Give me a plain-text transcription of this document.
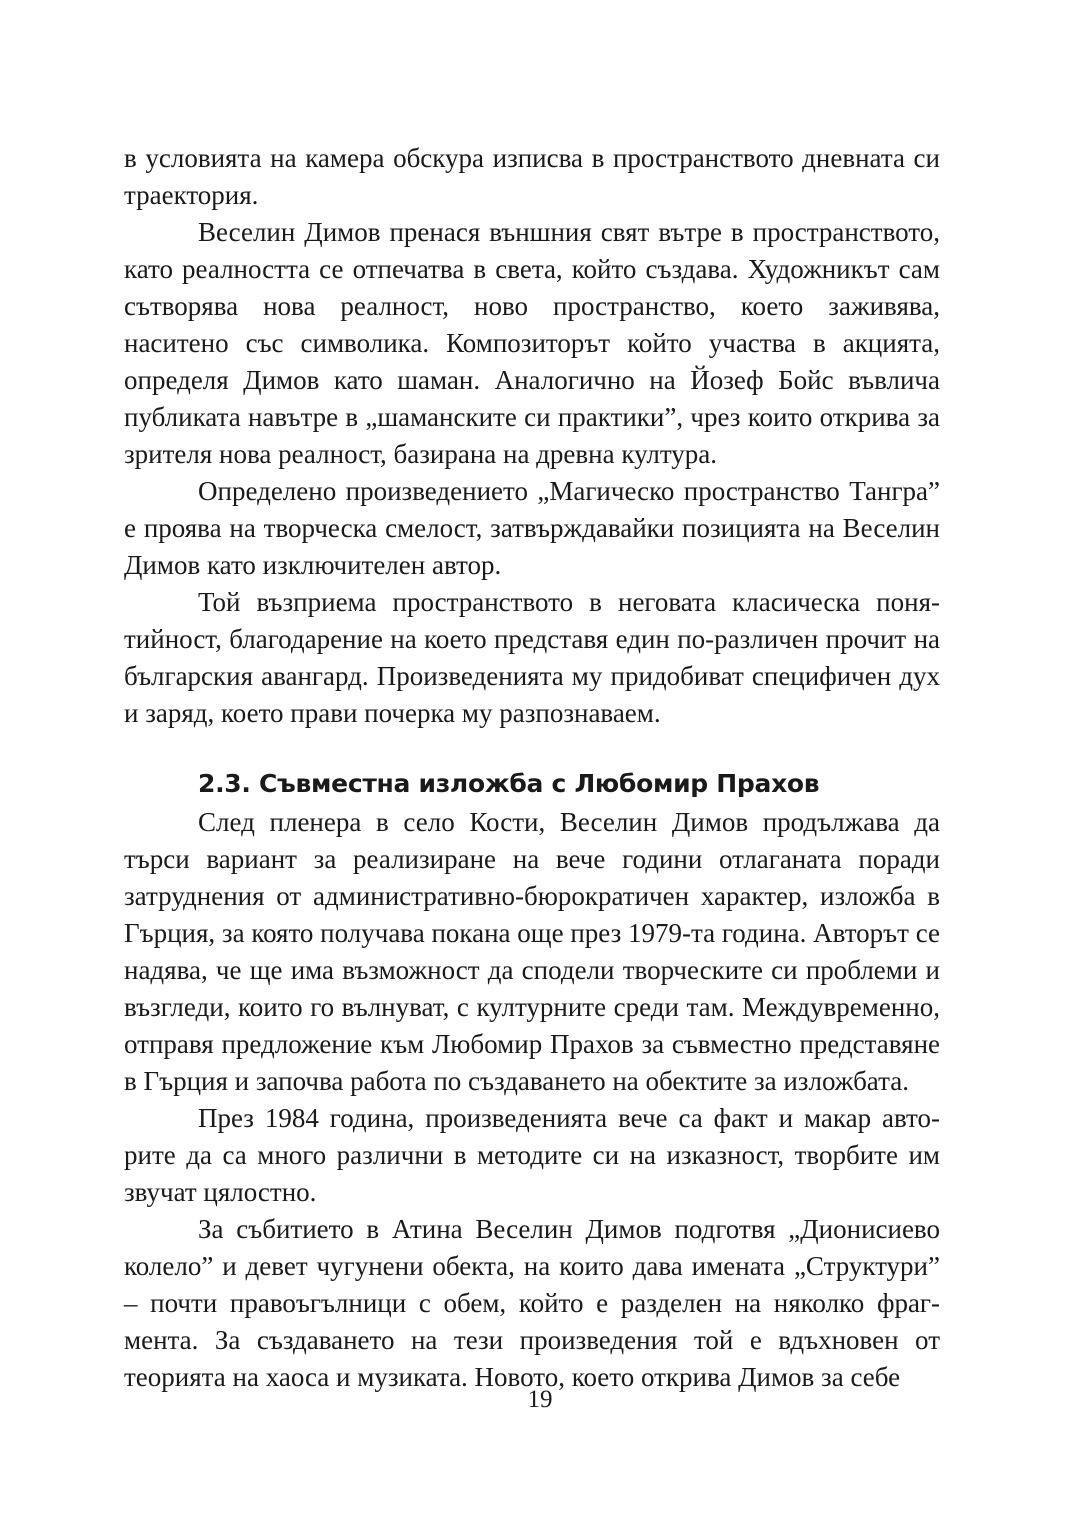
в условията на камера обскура изписва в пространството дневната си траектория.

Веселин Димов пренася външния свят вътре в пространството, като реалността се отпечатва в света, който създава. Художникът сам сътворява нова реалност, ново пространство, което заживява, наситено със символика. Композиторът който участва в акцията, определя Димов като шаман. Аналогично на Йозеф Бойс въвлича публиката навътре в „шаманските си практики”, чрез които открива за зрителя нова реалност, базирана на древна култура.

Определено произведението „Магическо пространство Тангра” е проява на творческа смелост, затвърждавайки позицията на Веселин Димов като изключителен автор.

Той възприема пространството в неговата класическа понятийност, благодарение на което представя един по-различен прочит на българския авангард. Произведенията му придобиват специфичен дух и заряд, което прави почерка му разпознаваем.

2.3. Съвместна изложба с Любомир Прахов

След пленера в село Кости, Веселин Димов продължава да търси вариант за реализиране на вече години отлаганата поради затруднения от административно-бюрократичен характер, изложба в Гърция, за която получава покана още през 1979-та година. Авторът се надява, че ще има възможност да сподели творческите си проблеми и възгледи, които го вълнуват, с културните среди там. Междувременно, отправя предложение към Любомир Прахов за съвместно представяне в Гърция и започва работа по създаването на обектите за изложбата.

През 1984 година, произведенията вече са факт и макар авторите да са много различни в методите си на изказност, творбите им звучат цялостно.

За събитието в Атина Веселин Димов подготвя „Дионисиево колело” и девет чугунени обекта, на които дава имената „Структури” – почти правоъгълници с обем, който е разделен на няколко фрагмента. За създаването на тези произведения той е вдъхновен от теорията на хаоса и музиката. Новото, което открива Димов за себе

19
